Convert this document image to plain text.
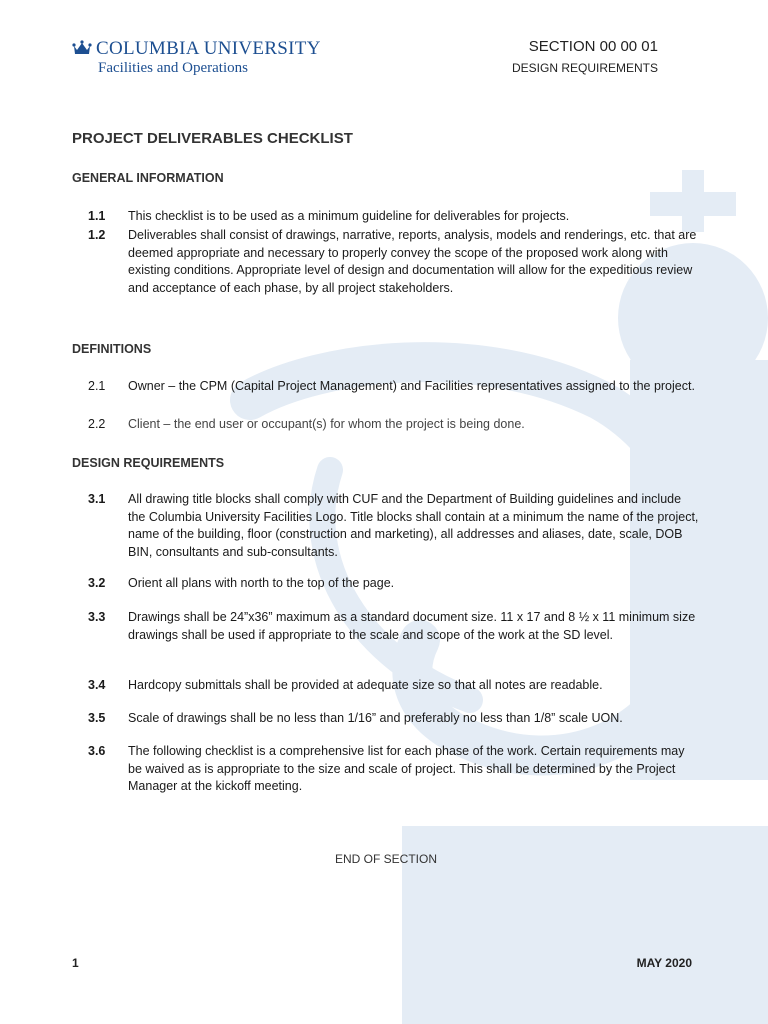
COLUMBIA UNIVERSITY
Facilities and Operations
SECTION 00 00 01
DESIGN REQUIREMENTS
PROJECT DELIVERABLES CHECKLIST
GENERAL INFORMATION
1.1	This checklist is to be used as a minimum guideline for deliverables for projects.
1.2	Deliverables shall consist of drawings, narrative, reports, analysis, models and renderings, etc. that are deemed appropriate and necessary to properly convey the scope of the proposed work along with existing conditions. Appropriate level of design and documentation will allow for the expeditious review and acceptance of each phase, by all project stakeholders.
DEFINITIONS
2.1	Owner – the CPM (Capital Project Management) and Facilities representatives assigned to the project.
2.2	Client – the end user or occupant(s) for whom the project is being done.
DESIGN REQUIREMENTS
3.1	All drawing title blocks shall comply with CUF and the Department of Building guidelines and include the Columbia University Facilities Logo. Title blocks shall contain at a minimum the name of the project, name of the building, floor (construction and marketing), all addresses and aliases, date, scale, DOB BIN, consultants and sub-consultants.
3.2	Orient all plans with north to the top of the page.
3.3	Drawings shall be 24”x36” maximum as a standard document size. 11 x 17 and 8 ½ x 11 minimum size drawings shall be used if appropriate to the scale and scope of the work at the SD level.
3.4	Hardcopy submittals shall be provided at adequate size so that all notes are readable.
3.5	Scale of drawings shall be no less than 1/16” and preferably no less than 1/8” scale UON.
3.6	The following checklist is a comprehensive list for each phase of the work. Certain requirements may be waived as is appropriate to the size and scale of project. This shall be determined by the Project Manager at the kickoff meeting.
END OF SECTION
1	MAY 2020
